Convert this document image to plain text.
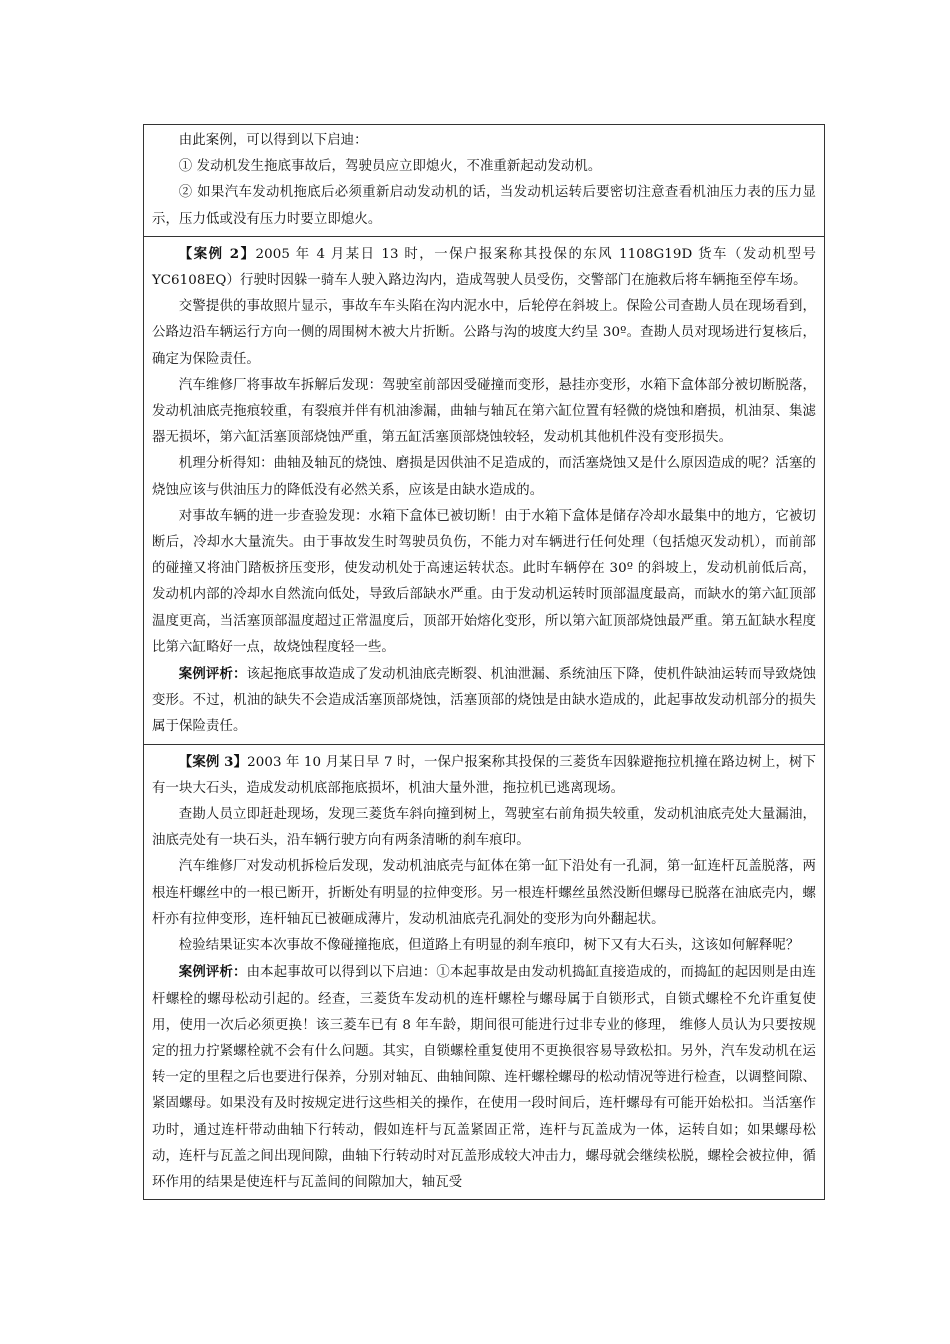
由此案例，可以得到以下启迪：

① 发动机发生拖底事故后，驾驶员应立即熄火，不准重新起动发动机。

② 如果汽车发动机拖底后必须重新启动发动机的话，当发动机运转后要密切注意查看机油压力表的压力显示，压力低或没有压力时要立即熄火。

【案例 2】2005 年 4 月某日 13 时，一保户报案称其投保的东风 1108G19D 货车（发动机型号 YC6108EQ）行驶时因躲一骑车人驶入路边沟内，造成驾驶人员受伤，交警部门在施救后将车辆拖至停车场。

交警提供的事故照片显示，事故车车头陷在沟内泥水中，后轮停在斜坡上。保险公司查勘人员在现场看到，公路边沿车辆运行方向一侧的周围树木被大片折断。公路与沟的坡度大约呈 30º。查勘人员对现场进行复核后，确定为保险责任。

汽车维修厂将事故车拆解后发现：驾驶室前部因受碰撞而变形，悬挂亦变形，水箱下盒体部分被切断脱落，发动机油底壳拖痕较重，有裂痕并伴有机油渗漏，曲轴与轴瓦在第六缸位置有轻微的烧蚀和磨损，机油泵、集滤器无损坏，第六缸活塞顶部烧蚀严重，第五缸活塞顶部烧蚀较轻，发动机其他机件没有变形损失。

机理分析得知：曲轴及轴瓦的烧蚀、磨损是因供油不足造成的，而活塞烧蚀又是什么原因造成的呢？活塞的烧蚀应该与供油压力的降低没有必然关系，应该是由缺水造成的。

对事故车辆的进一步查验发现：水箱下盒体已被切断！由于水箱下盒体是储存冷却水最集中的地方，它被切断后，冷却水大量流失。由于事故发生时驾驶员负伤，不能力对车辆进行任何处理（包括熄灭发动机），而前部的碰撞又将油门踏板挤压变形，使发动机处于高速运转状态。此时车辆停在 30º 的斜坡上，发动机前低后高，发动机内部的冷却水自然流向低处，导致后部缺水严重。由于发动机运转时顶部温度最高，而缺水的第六缸顶部温度更高，当活塞顶部温度超过正常温度后，顶部开始熔化变形，所以第六缸顶部烧蚀最严重。第五缸缺水程度比第六缸略好一点，故烧蚀程度轻一些。

案例评析：该起拖底事故造成了发动机油底壳断裂、机油泄漏、系统油压下降，使机件缺油运转而导致烧蚀变形。不过，机油的缺失不会造成活塞顶部烧蚀，活塞顶部的烧蚀是由缺水造成的，此起事故发动机部分的损失属于保险责任。

【案例 3】2003 年 10 月某日早 7 时，一保户报案称其投保的三菱货车因躲避拖拉机撞在路边树上，树下有一块大石头，造成发动机底部拖底损坏，机油大量外泄，拖拉机已逃离现场。

查勘人员立即赶赴现场，发现三菱货车斜向撞到树上，驾驶室右前角损失较重，发动机油底壳处大量漏油，油底壳处有一块石头，沿车辆行驶方向有两条清晰的刹车痕印。

汽车维修厂对发动机拆检后发现，发动机油底壳与缸体在第一缸下沿处有一孔洞，第一缸连杆瓦盖脱落，两根连杆螺丝中的一根已断开，折断处有明显的拉伸变形。另一根连杆螺丝虽然没断但螺母已脱落在油底壳内，螺杆亦有拉伸变形，连杆轴瓦已被砸成薄片，发动机油底壳孔洞处的变形为向外翻起状。

检验结果证实本次事故不像碰撞拖底，但道路上有明显的刹车痕印，树下又有大石头，这该如何解释呢？

案例评析：由本起事故可以得到以下启迪：①本起事故是由发动机捣缸直接造成的，而捣缸的起因则是由连杆螺栓的螺母松动引起的。经查，三菱货车发动机的连杆螺栓与螺母属于自锁形式，自锁式螺栓不允许重复使用，使用一次后必须更换！该三菱车已有 8 年车龄，期间很可能进行过非专业的修理， 维修人员认为只要按规定的扭力拧紧螺栓就不会有什么问题。其实，自锁螺栓重复使用不更换很容易导致松扣。另外，汽车发动机在运转一定的里程之后也要进行保养，分别对轴瓦、曲轴间隙、连杆螺栓螺母的松动情况等进行检查，以调整间隙、紧固螺母。如果没有及时按规定进行这些相关的操作，在使用一段时间后，连杆螺母有可能开始松扣。当活塞作功时，通过连杆带动曲轴下行转动，假如连杆与瓦盖紧固正常，连杆与瓦盖成为一体，运转自如；如果螺母松动，连杆与瓦盖之间出现间隙，曲轴下行转动时对瓦盖形成较大冲击力，螺母就会继续松脱，螺栓会被拉伸，循环作用的结果是使连杆与瓦盖间的间隙加大，轴瓦受
